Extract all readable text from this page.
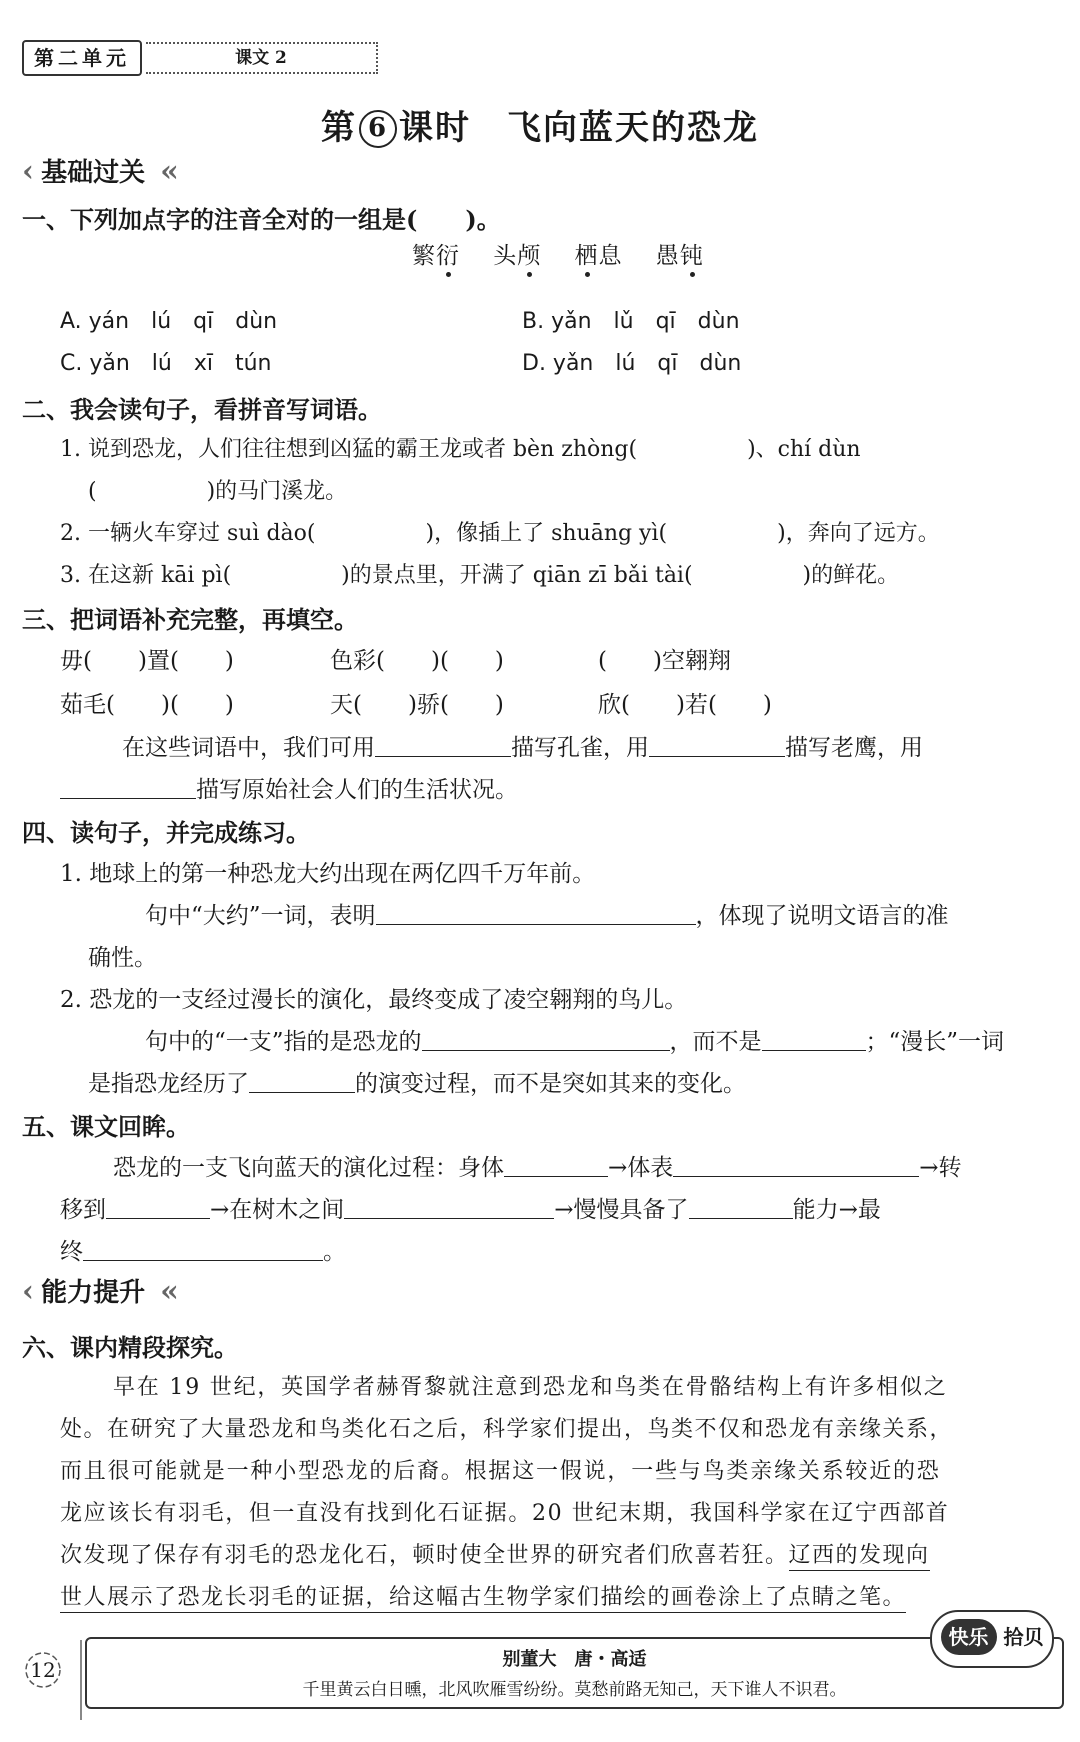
第二单元	课文 2
第 6 课时　飞向蓝天的恐龙
‹ 基础过关 «
一、下列加点字的注音全对的一组是(　　)。
繁衍 头颅 栖息 愚钝
A. yán　lú　qī　dùn	B. yǎn　lǔ　qī　dùn
C. yǎn　lú　xī　tún	D. yǎn　lú　qī　dùn
二、我会读句子，看拼音写词语。
1. 说到恐龙，人们往往想到凶猛的霸王龙或者 bèn zhòng(　　　　　)、chí dùn
(　　　　　)的马门溪龙。
2. 一辆火车穿过 suì dào(　　　　　)，像插上了 shuāng yì(　　　　　)，奔向了远方。
3. 在这新 kāi pì(　　　　　)的景点里，开满了 qiān zī bǎi tài(　　　　　)的鲜花。
三、把词语补充完整，再填空。
毋(　　)置(　　)	色彩(　　)(　　)	(　　)空翱翔
茹毛(　　)(　　)	天(　　)骄(　　)	欣(　　)若(　　)
在这些词语中，我们可用	描写孔雀，用	描写老鹰，用
描写原始社会人们的生活状况。
四、读句子，并完成练习。
1. 地球上的第一种恐龙大约出现在两亿四千万年前。
句中“大约”一词，表明	，体现了说明文语言的准
确性。
2. 恐龙的一支经过漫长的演化，最终变成了凌空翱翔的鸟儿。
句中的“一支”指的是恐龙的	，而不是	；“漫长”一词
是指恐龙经历了	的演变过程，而不是突如其来的变化。
五、课文回眸。
恐龙的一支飞向蓝天的演化过程：身体	→体表	→转
移到	→在树木之间	→慢慢具备了	能力→最
终	。
‹ 能力提升 «
六、课内精段探究。
早在 19 世纪，英国学者赫胥黎就注意到恐龙和鸟类在骨骼结构上有许多相似之
处。在研究了大量恐龙和鸟类化石之后，科学家们提出，鸟类不仅和恐龙有亲缘关系，
而且很可能就是一种小型恐龙的后裔。根据这一假说，一些与鸟类亲缘关系较近的恐
龙应该长有羽毛，但一直没有找到化石证据。20 世纪末期，我国科学家在辽宁西部首
次发现了保存有羽毛的恐龙化石，顿时使全世界的研究者们欣喜若狂。辽西的发现向
世人展示了恐龙长羽毛的证据，给这幅古生物学家们描绘的画卷涂上了点睛之笔。
12	别董大　唐・高适
千里黄云白日曛，北风吹雁雪纷纷。莫愁前路无知己，天下谁人不识君。
快乐 拾贝
